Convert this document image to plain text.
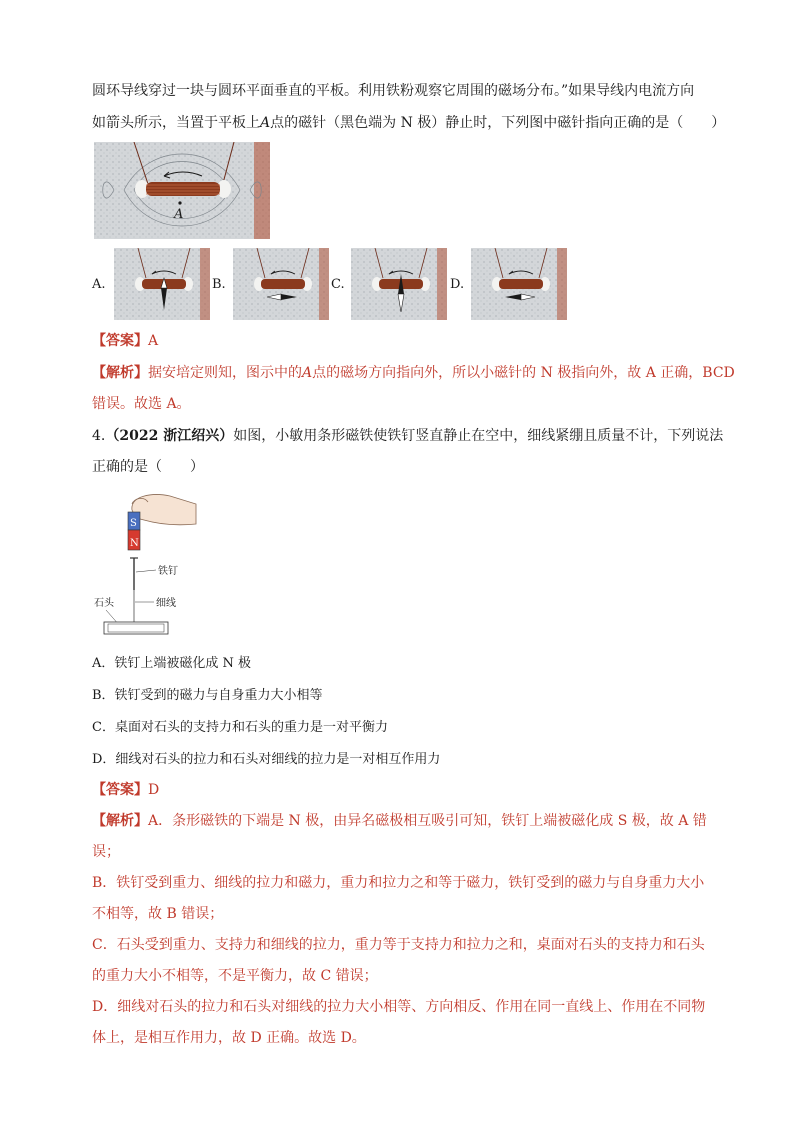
圆环导线穿过一块与圆环平面垂直的平板。利用铁粉观察它周围的磁场分布。”如果导线内电流方向
如箭头所示，当置于平板上A点的磁针（黑色端为 N 极）静止时，下列图中磁针指向正确的是（　　）
A
A.	B.	C.	D.
【答案】A
【解析】据安培定则知，图示中的A点的磁场方向指向外，所以小磁针的 N 极指向外，故 A 正确，BCD
错误。故选 A。
4.（2022 浙江绍兴）如图，小敏用条形磁铁使铁钉竖直静止在空中，细线紧绷且质量不计，下列说法
正确的是（　　）
S
N
铁钉
细线
石头
A．铁钉上端被磁化成 N 极
B．铁钉受到的磁力与自身重力大小相等
C．桌面对石头的支持力和石头的重力是一对平衡力
D．细线对石头的拉力和石头对细线的拉力是一对相互作用力
【答案】D
【解析】A．条形磁铁的下端是 N 极，由异名磁极相互吸引可知，铁钉上端被磁化成 S 极，故 A 错
误；
B．铁钉受到重力、细线的拉力和磁力，重力和拉力之和等于磁力，铁钉受到的磁力与自身重力大小
不相等，故 B 错误；
C．石头受到重力、支持力和细线的拉力，重力等于支持力和拉力之和，桌面对石头的支持力和石头
的重力大小不相等，不是平衡力，故 C 错误；
D．细线对石头的拉力和石头对细线的拉力大小相等、方向相反、作用在同一直线上、作用在不同物
体上，是相互作用力，故 D 正确。故选 D。
